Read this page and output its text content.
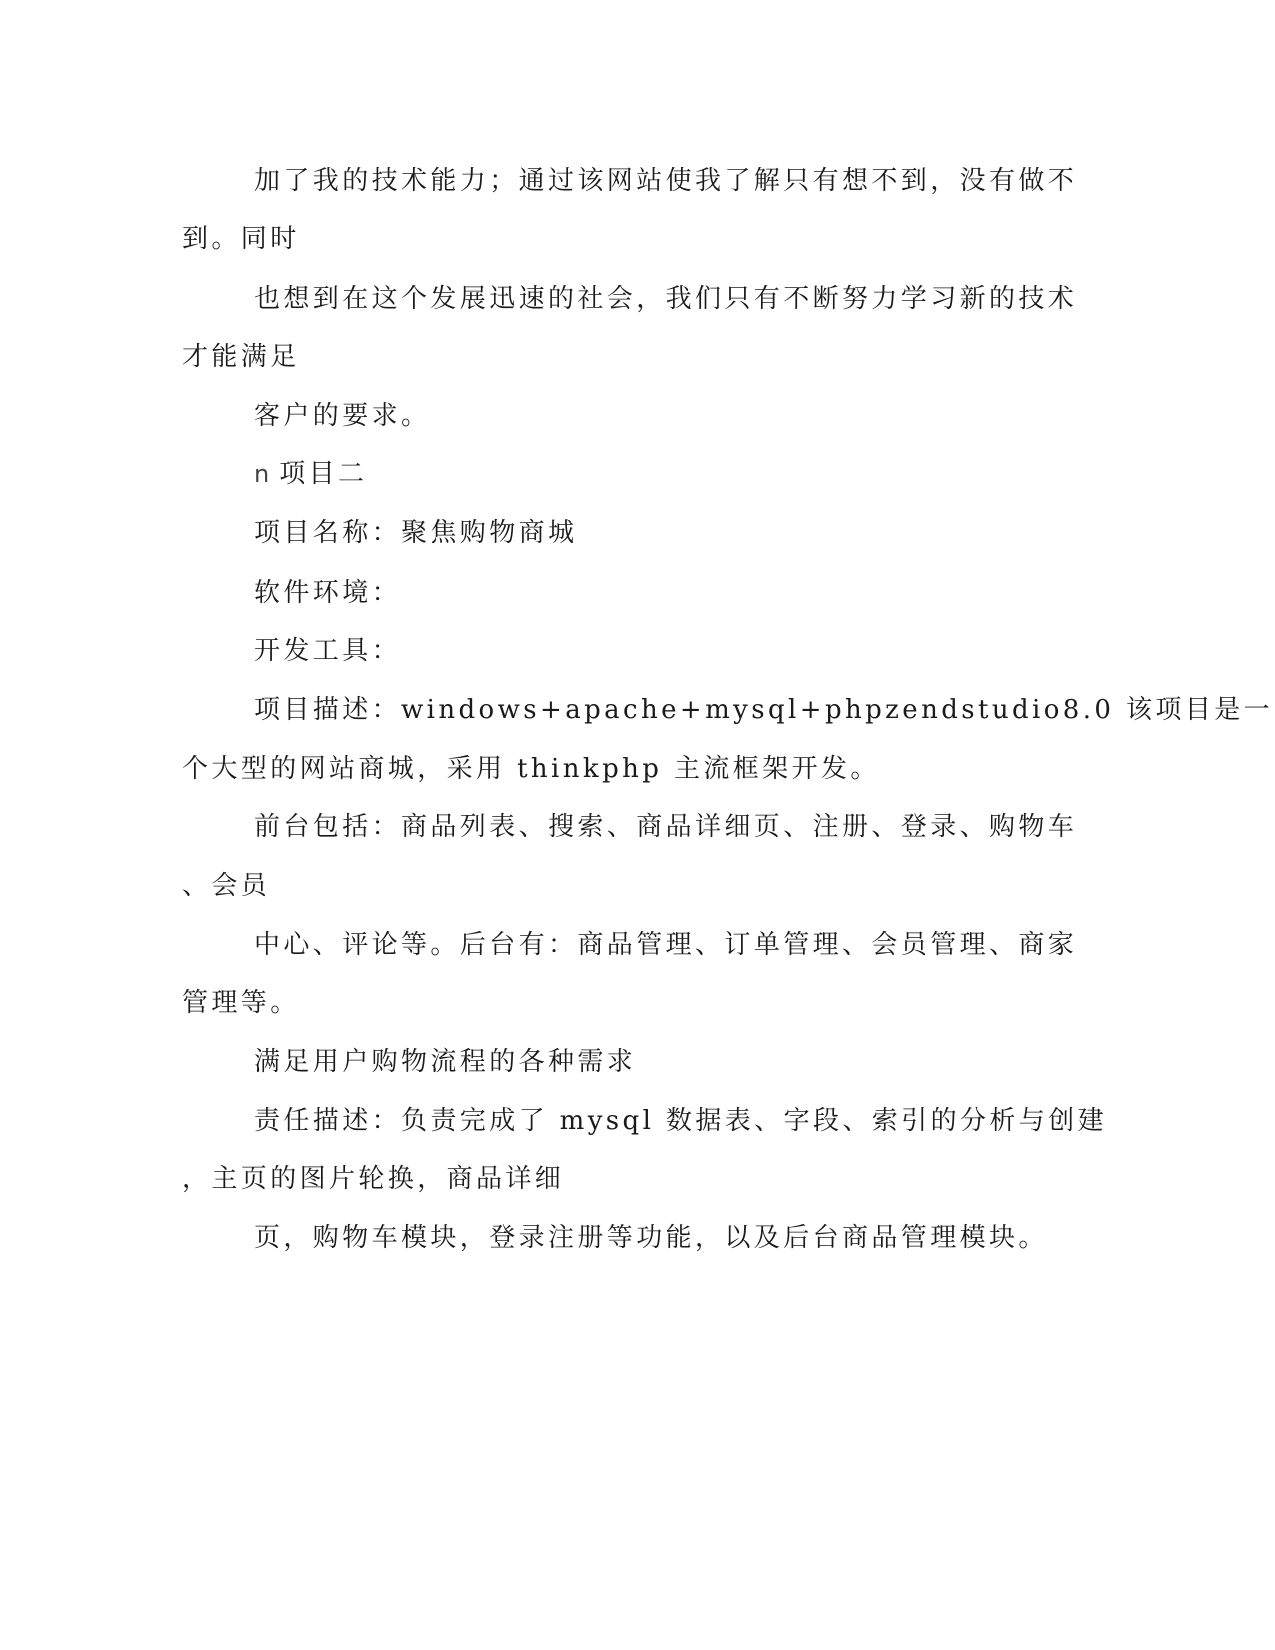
加了我的技术能力；通过该网站使我了解只有想不到，没有做不
到。同时
也想到在这个发展迅速的社会，我们只有不断努力学习新的技术
才能满足
客户的要求。
n 项目二
项目名称：聚焦购物商城
软件环境：
开发工具：
项目描述：windows+apache+mysql+phpzendstudio8.0 该项目是一
个大型的网站商城，采用 thinkphp 主流框架开发。
前台包括：商品列表、搜索、商品详细页、注册、登录、购物车
、会员
中心、评论等。后台有：商品管理、订单管理、会员管理、商家
管理等。
满足用户购物流程的各种需求
责任描述：负责完成了 mysql 数据表、字段、索引的分析与创建
，主页的图片轮换，商品详细
页，购物车模块，登录注册等功能，以及后台商品管理模块。
